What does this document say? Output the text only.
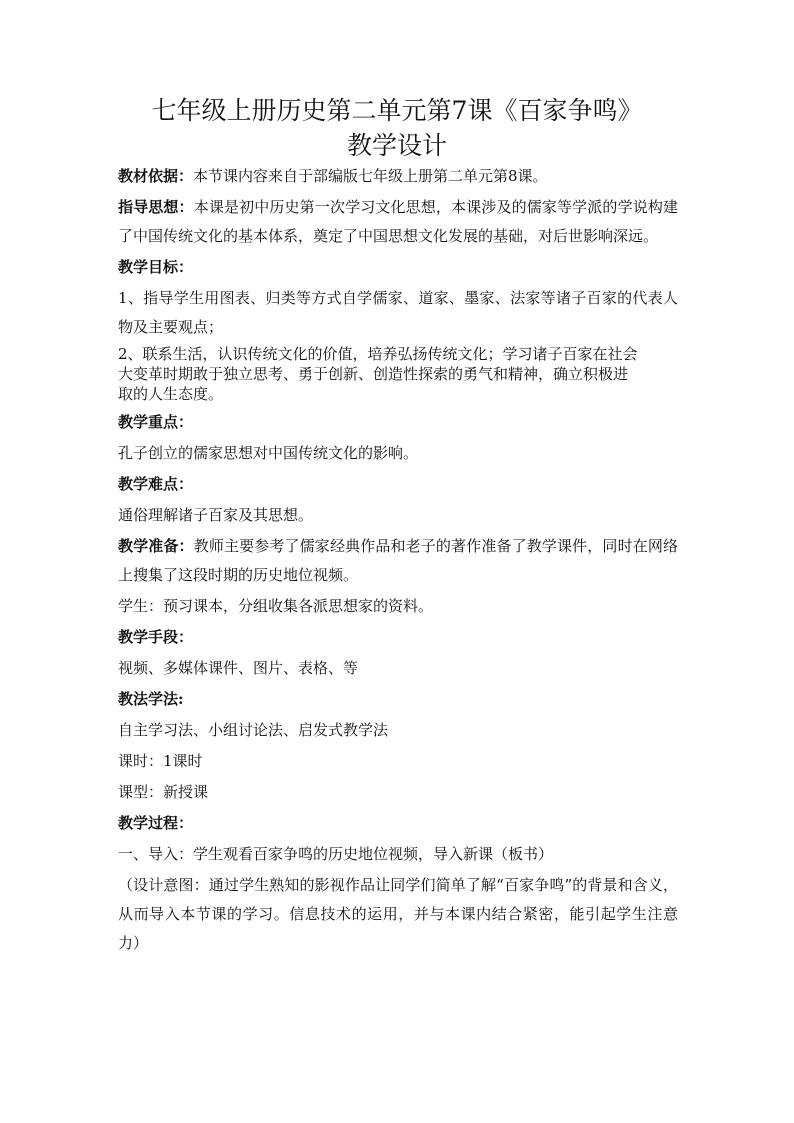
七年级上册历史第二单元第7课《百家争鸣》
教学设计

教材依据：本节课内容来自于部编版七年级上册第二单元第8课。

指导思想：本课是初中历史第一次学习文化思想，本课涉及的儒家等学派的学说构建了中国传统文化的基本体系，奠定了中国思想文化发展的基础，对后世影响深远。

教学目标：

1、指导学生用图表、归类等方式自学儒家、道家、墨家、法家等诸子百家的代表人物及主要观点；

2、联系生活，认识传统文化的价值，培养弘扬传统文化；学习诸子百家在社会

大变革时期敢于独立思考、勇于创新、创造性探索的勇气和精神，确立积极进

取的人生态度。

教学重点：

孔子创立的儒家思想对中国传统文化的影响。

教学难点：

通俗理解诸子百家及其思想。

教学准备：教师主要参考了儒家经典作品和老子的著作准备了教学课件，同时在网络上搜集了这段时期的历史地位视频。

学生：预习课本，分组收集各派思想家的资料。

教学手段：

视频、多媒体课件、图片、表格、等

教法学法:

自主学习法、小组讨论法、启发式教学法

课时：1课时

课型：新授课

教学过程：

一、导入：学生观看百家争鸣的历史地位视频，导入新课（板书）

（设计意图：通过学生熟知的影视作品让同学们简单了解“百家争鸣”的背景和含义，从而导入本节课的学习。信息技术的运用，并与本课内结合紧密，能引起学生注意力）
